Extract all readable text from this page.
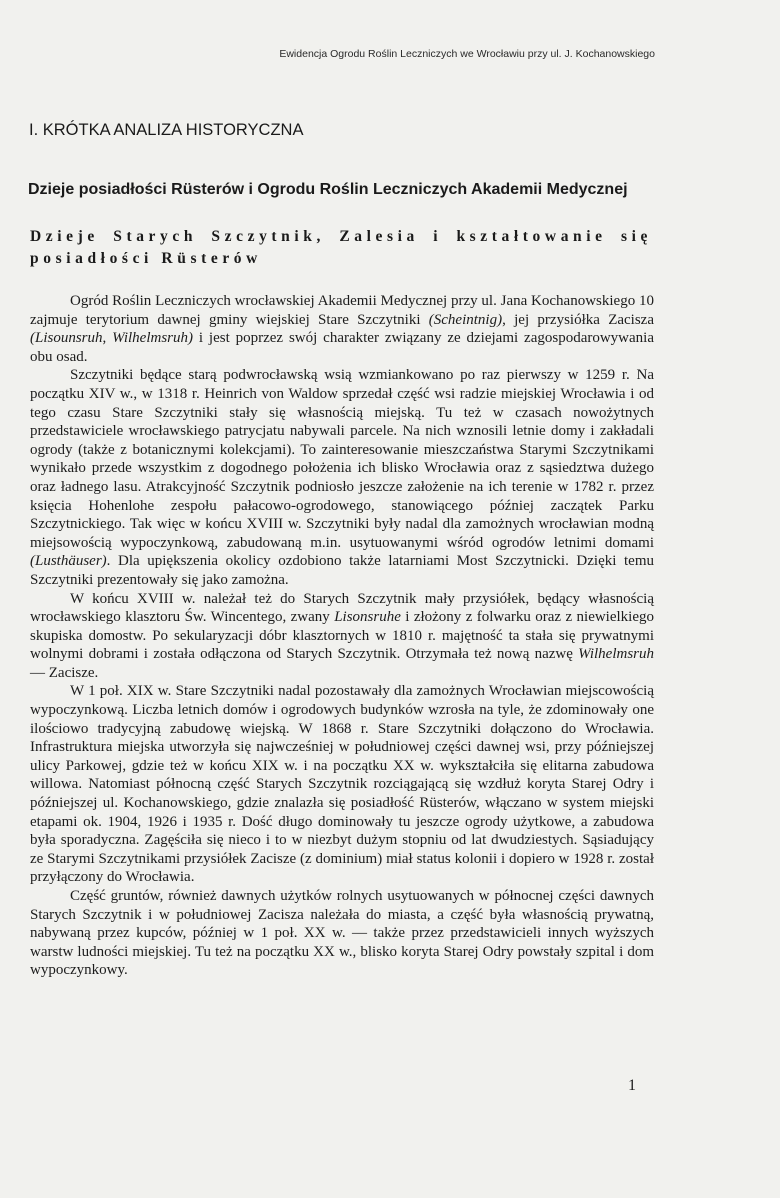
Ewidencja Ogrodu Roślin Leczniczych we Wrocławiu przy ul. J. Kochanowskiego
I. KRÓTKA ANALIZA HISTORYCZNA
Dzieje posiadłości Rüsterów i Ogrodu Roślin Leczniczych Akademii Medycznej
Dzieje Starych Szczytnik, Zalesia i kształtowanie się posiadłości Rüsterów

Ogród Roślin Leczniczych wrocławskiej Akademii Medycznej przy ul. Jana Kochanowskiego 10 zajmuje terytorium dawnej gminy wiejskiej Stare Szczytniki (Scheintnig), jej przysiółka Zacisza (Lisounsruh, Wilhelmsruh) i jest poprzez swój charakter związany ze dziejami zagospodarowywania obu osad.

Szczytniki będące starą podwrocławską wsią wzmiankowano po raz pierwszy w 1259 r. Na początku XIV w., w 1318 r. Heinrich von Waldow sprzedał część wsi radzie miejskiej Wrocławia i od tego czasu Stare Szczytniki stały się własnością miejską. Tu też w czasach nowożytnych przedstawiciele wrocławskiego patrycjatu nabywali parcele. Na nich wznosili letnie domy i zakładali ogrody (także z botanicznymi kolekcjami). To zainteresowanie mieszczaństwa Starymi Szczytnikami wynikało przede wszystkim z dogodnego położenia ich blisko Wrocławia oraz z sąsiedztwa dużego oraz ładnego lasu. Atrakcyjność Szczytnik podniosło jeszcze założenie na ich terenie w 1782 r. przez księcia Hohenlohe zespołu pałacowo-ogrodowego, stanowiącego później zaczątek Parku Szczytnickiego. Tak więc w końcu XVIII w. Szczytniki były nadal dla zamożnych wrocławian modną miejsowością wypoczynkową, zabudowaną m.in. usytuowanymi wśród ogrodów letnimi domami (Lusthäuser). Dla upiększenia okolicy ozdobiono także latarniami Most Szczytnicki. Dzięki temu Szczytniki prezentowały się jako zamożna.

W końcu XVIII w. należał też do Starych Szczytnik mały przysiółek, będący własnością wrocławskiego klasztoru Św. Wincentego, zwany Lisonsruhe i złożony z folwarku oraz z niewielkiego skupiska domostw. Po sekularyzacji dóbr klasztornych w 1810 r. majętność ta stała się prywatnymi wolnymi dobrami i została odłączona od Starych Szczytnik. Otrzymała też nową nazwę Wilhelmsruh — Zacisze.

W 1 poł. XIX w. Stare Szczytniki nadal pozostawały dla zamożnych Wrocławian miejscowością wypoczynkową. Liczba letnich domów i ogrodowych budynków wzrosła na tyle, że zdominowały one ilościowo tradycyjną zabudowę wiejską. W 1868 r. Stare Szczytniki dołączono do Wrocławia. Infrastruktura miejska utworzyła się najwcześniej w południowej części dawnej wsi, przy późniejszej ulicy Parkowej, gdzie też w końcu XIX w. i na początku XX w. wykształciła się elitarna zabudowa willowa. Natomiast północną część Starych Szczytnik rozciągającą się wzdłuż koryta Starej Odry i późniejszej ul. Kochanowskiego, gdzie znalazła się posiadłość Rüsterów, włączano w system miejski etapami ok. 1904, 1926 i 1935 r. Dość długo dominowały tu jeszcze ogrody użytkowe, a zabudowa była sporadyczna. Zagęściła się nieco i to w niezbyt dużym stopniu od lat dwudziestych. Sąsiadujący ze Starymi Szczytnikami przysiółek Zacisze (z dominium) miał status kolonii i dopiero w 1928 r. został przyłączony do Wrocławia.

Część gruntów, również dawnych użytków rolnych usytuowanych w północnej części dawnych Starych Szczytnik i w południowej Zacisza należała do miasta, a część była własnością prywatną, nabywaną przez kupców, później w 1 poł. XX w. — także przez przedstawicieli innych wyższych warstw ludności miejskiej. Tu też na początku XX w., blisko koryta Starej Odry powstały szpital i dom wypoczynkowy.

1
